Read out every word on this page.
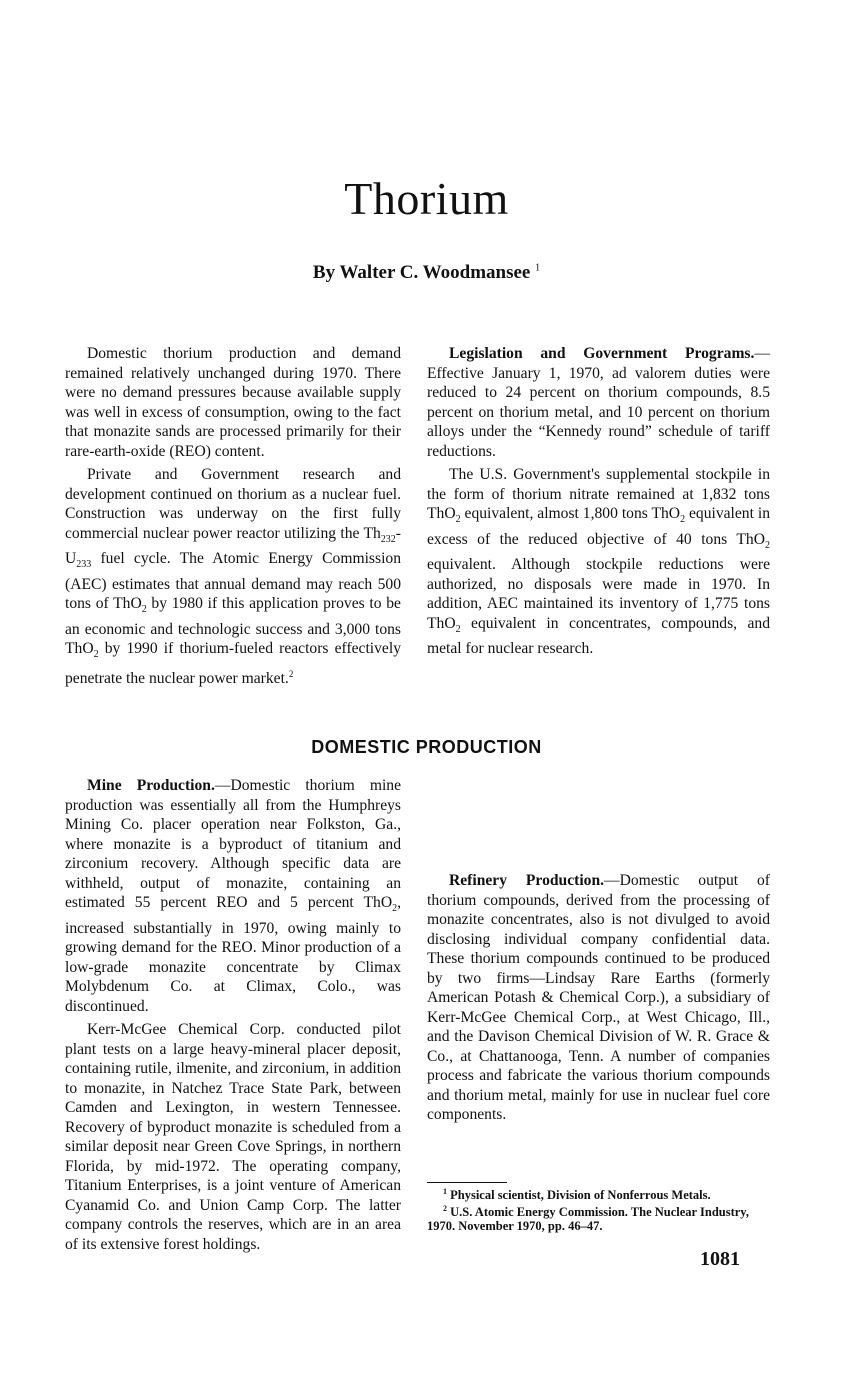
Thorium
By Walter C. Woodmansee $^1$

Domestic thorium production and demand remained relatively unchanged during 1970. There were no demand pressures because available supply was well in excess of consumption, owing to the fact that monazite sands are processed primarily for their rare-earth-oxide (REO) content.

Private and Government research and development continued on thorium as a nuclear fuel. Construction was underway on the first fully commercial nuclear power reactor utilizing the $Th_{232}-U_{233}$ fuel cycle. The Atomic Energy Commission (AEC) estimates that annual demand may reach 500 tons of ThO$_2$ by 1980 if this application proves to be an economic and technologic success and 3,000 tons ThO$_2$ by 1990 if thorium-fueled reactors effectively penetrate the nuclear power market.$^2$

Legislation and Government Programs.—Effective January 1, 1970, ad valorem duties were reduced to 24 percent on thorium compounds, 8.5 percent on thorium metal, and 10 percent on thorium alloys under the “Kennedy round” schedule of tariff reductions.

The U.S. Government's supplemental stockpile in the form of thorium nitrate remained at 1,832 tons ThO$_2$ equivalent, almost 1,800 tons ThO$_2$ equivalent in excess of the reduced objective of 40 tons ThO$_2$ equivalent. Although stockpile reductions were authorized, no disposals were made in 1970. In addition, AEC maintained its inventory of 1,775 tons ThO$_2$ equivalent in concentrates, compounds, and metal for nuclear research.

DOMESTIC PRODUCTION

Mine Production.—Domestic thorium mine production was essentially all from the Humphreys Mining Co. placer operation near Folkston, Ga., where monazite is a byproduct of titanium and zirconium recovery. Although specific data are withheld, output of monazite, containing an estimated 55 percent REO and 5 percent ThO$_2$, increased substantially in 1970, owing mainly to growing demand for the REO. Minor production of a low-grade monazite concentrate by Climax Molybdenum Co. at Climax, Colo., was discontinued.

Kerr-McGee Chemical Corp. conducted pilot plant tests on a large heavy-mineral placer deposit, containing rutile, ilmenite, and zirconium, in addition to monazite, in Natchez Trace State Park, between Camden and Lexington, in western Tennessee. Recovery of byproduct monazite is scheduled from a similar deposit near Green Cove Springs, in northern Florida, by mid-1972. The operating company, Titanium Enterprises, is a joint venture of American Cyanamid Co. and Union Camp Corp. The latter company controls the reserves, which are in an area of its extensive forest holdings.

Refinery Production.—Domestic output of thorium compounds, derived from the processing of monazite concentrates, also is not divulged to avoid disclosing individual company confidential data. These thorium compounds continued to be produced by two firms—Lindsay Rare Earths (formerly American Potash & Chemical Corp.), a subsidiary of Kerr-McGee Chemical Corp., at West Chicago, Ill., and the Davison Chemical Division of W. R. Grace & Co., at Chattanooga, Tenn. A number of companies process and fabricate the various thorium compounds and thorium metal, mainly for use in nuclear fuel core components.

$^1$ Physical scientist, Division of Nonferrous Metals.
$^2$ U.S. Atomic Energy Commission. The Nuclear Industry, 1970. November 1970, pp. 46–47.
1081
